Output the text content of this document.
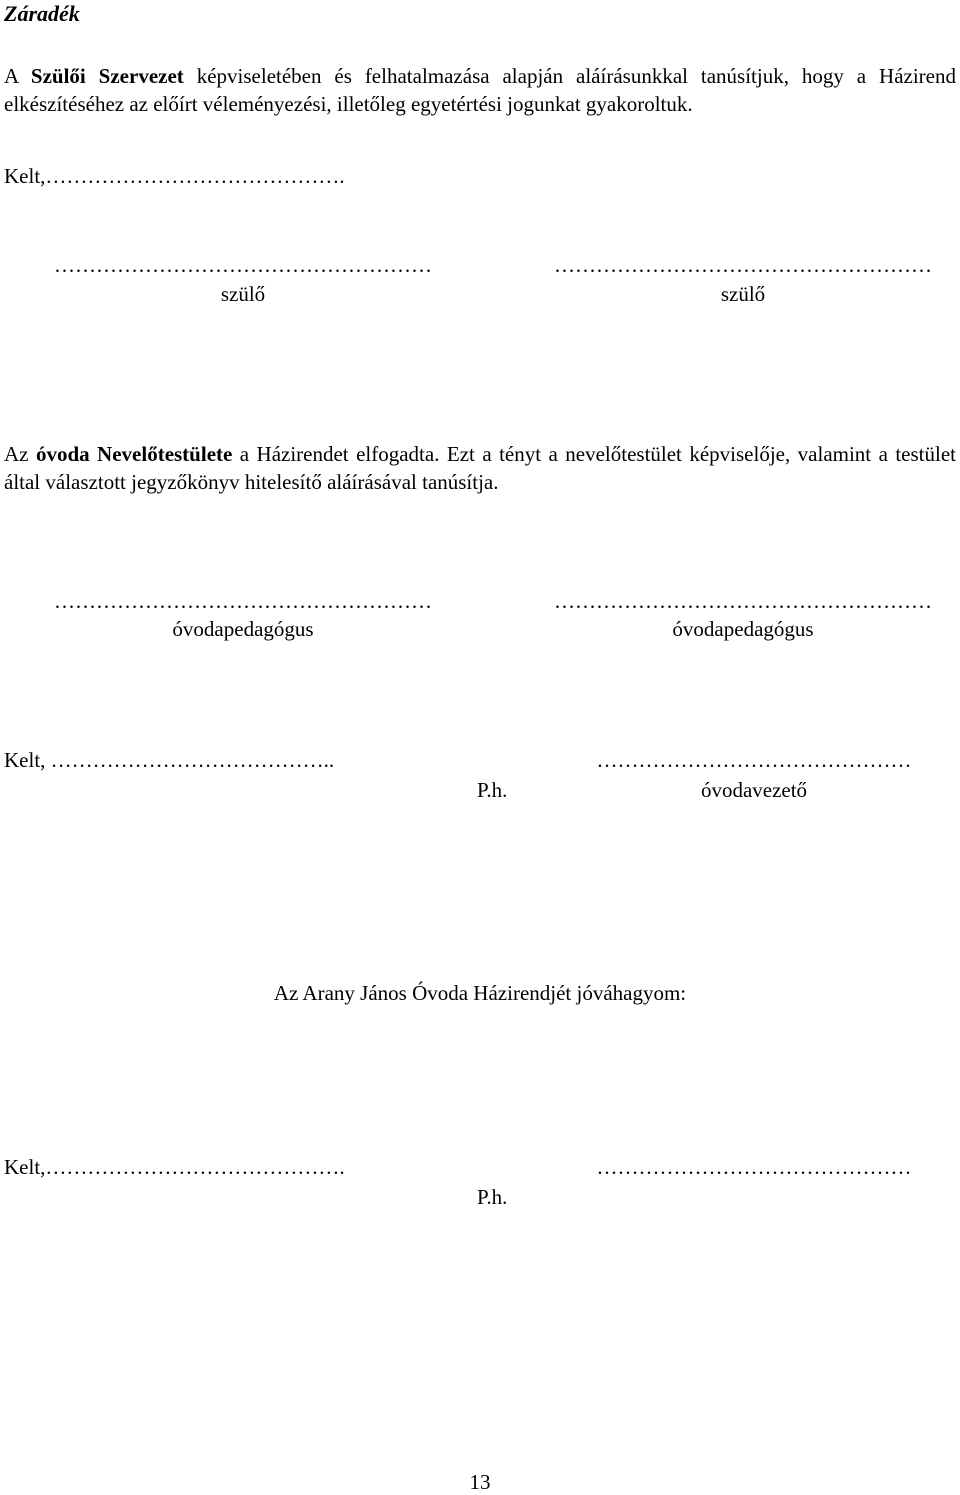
Záradék
A Szülői Szervezet képviseletében és felhatalmazása alapján aláírásunkkal tanúsítjuk, hogy a Házirend elkészítéséhez az előírt véleményezési, illetőleg egyetértési jogunkat gyakoroltuk.
Kelt,…………………………………….
………………………………………………
szülő
………………………………………………
szülő
Az óvoda Nevelőtestülete a Házirendet elfogadta. Ezt a tényt a nevelőtestület képviselője, valamint a testület által választott jegyzőkönyv hitelesítő aláírásával tanúsítja.
………………………………………………
óvodapedagógus
………………………………………………
óvodapedagógus
Kelt, …………………………………..
P.h.
………………………………………
óvodavezető
Az Arany János Óvoda Házirendjét jóváhagyom:
Kelt,…………………………………….
P.h.
………………………………………
13
